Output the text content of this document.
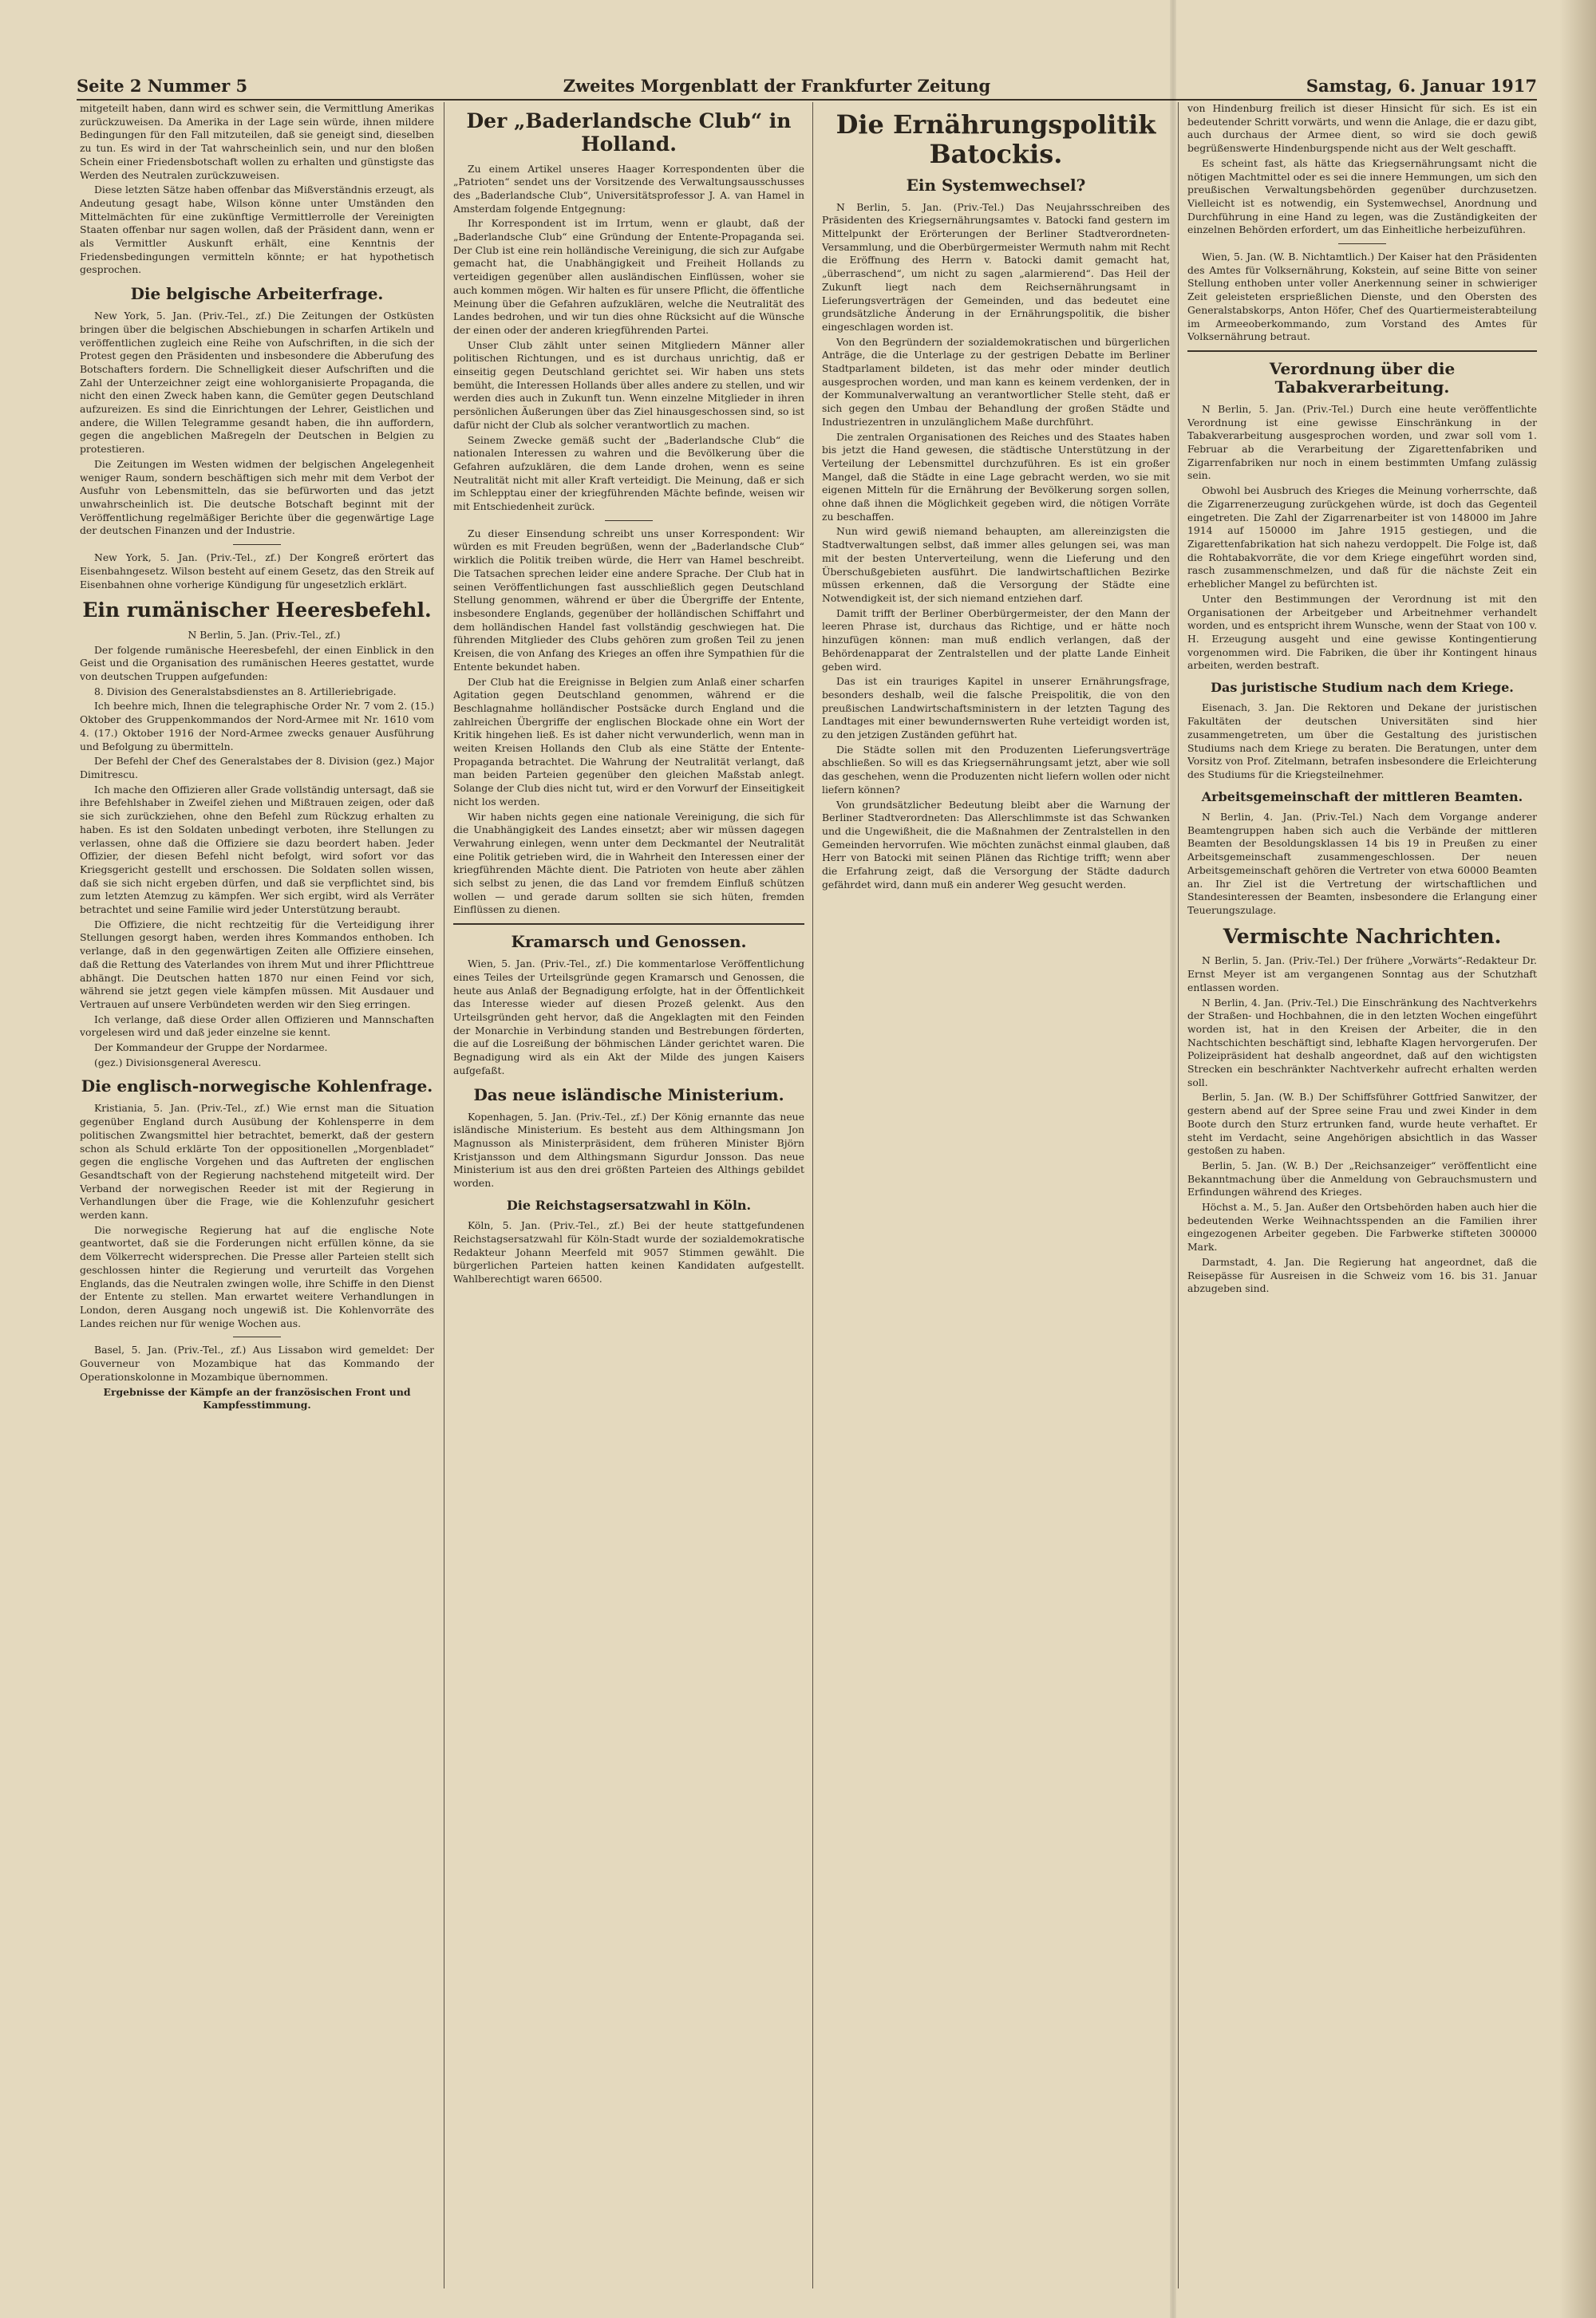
Seite 2 Nummer 5	Zweites Morgenblatt der Frankfurter Zeitung	Samstag, 6. Januar 1917

mitgeteilt haben, dann wird es schwer sein, die Vermittlung Amerikas zurückzuweisen. Da Amerika in der Lage sein würde, ihnen mildere Bedingungen für den Fall mitzuteilen, daß sie geneigt sind, dieselben zu tun. Es wird in der Tat wahrscheinlich sein, und nur den bloßen Schein einer Friedensbotschaft wollen zu erhalten und günstigste das Werden des Neutralen zurückzuweisen.

Diese letzten Sätze haben offenbar das Mißverständnis erzeugt, als Andeutung gesagt habe, Wilson könne unter Umständen den Mittelmächten für eine zukünftige Vermittlerrolle der Vereinigten Staaten offenbar nur sagen wollen, daß der Präsident dann, wenn er als Vermittler Auskunft erhält, eine Kenntnis der Friedensbedingungen vermitteln könnte; er hat hypothetisch gesprochen.

Die belgische Arbeiterfrage.

New York, 5. Jan. (Priv.-Tel., zf.) Die Zeitungen der Ostküsten bringen über die belgischen Abschiebungen in scharfen Artikeln und veröffentlichen zugleich eine Reihe von Aufschriften, in die sich der Protest gegen den Präsidenten und insbesondere die Abberufung des Botschafters fordern. Die Schnelligkeit dieser Aufschriften und die Zahl der Unterzeichner zeigt eine wohlorganisierte Propaganda, die nicht den einen Zweck haben kann, die Gemüter gegen Deutschland aufzureizen. Es sind die Einrichtungen der Lehrer, Geistlichen und andere, die Willen Telegramme gesandt haben, die ihn auffordern, gegen die angeblichen Maßregeln der Deutschen in Belgien zu protestieren.

Die Zeitungen im Westen widmen der belgischen Angelegenheit weniger Raum, sondern beschäftigen sich mehr mit dem Verbot der Ausfuhr von Lebensmitteln, das sie befürworten und das jetzt unwahrscheinlich ist. Die deutsche Botschaft beginnt mit der Veröffentlichung regelmäßiger Berichte über die gegenwärtige Lage der deutschen Finanzen und der Industrie.

New York, 5. Jan. (Priv.-Tel., zf.) Der Kongreß erörtert das Eisenbahngesetz. Wilson besteht auf einem Gesetz, das den Streik auf Eisenbahnen ohne vorherige Kündigung für ungesetzlich erklärt.

Ein rumänischer Heeresbefehl.

N Berlin, 5. Jan. (Priv.-Tel., zf.)

Der folgende rumänische Heeresbefehl, der einen Einblick in den Geist und die Organisation des rumänischen Heeres gestattet, wurde von deutschen Truppen aufgefunden:

8. Division des Generalstabsdienstes an 8. Artilleriebrigade.

Ich beehre mich, Ihnen die telegraphische Order Nr. 7 vom 2. (15.) Oktober des Gruppenkommandos der Nord-Armee mit Nr. 1610 vom 4. (17.) Oktober 1916 der Nord-Armee zwecks genauer Ausführung und Befolgung zu übermitteln.

Der Befehl der Chef des Generalstabes der 8. Division (gez.) Major Dimitrescu.

Ich mache den Offizieren aller Grade vollständig untersagt, daß sie ihre Befehlshaber in Zweifel ziehen und Mißtrauen zeigen, oder daß sie sich zurückziehen, ohne den Befehl zum Rückzug erhalten zu haben. Es ist den Soldaten unbedingt verboten, ihre Stellungen zu verlassen, ohne daß die Offiziere sie dazu beordert haben. Jeder Offizier, der diesen Befehl nicht befolgt, wird sofort vor das Kriegsgericht gestellt und erschossen. Die Soldaten sollen wissen, daß sie sich nicht ergeben dürfen, und daß sie verpflichtet sind, bis zum letzten Atemzug zu kämpfen. Wer sich ergibt, wird als Verräter betrachtet und seine Familie wird jeder Unterstützung beraubt.

Die Offiziere, die nicht rechtzeitig für die Verteidigung ihrer Stellungen gesorgt haben, werden ihres Kommandos enthoben. Ich verlange, daß in den gegenwärtigen Zeiten alle Offiziere einsehen, daß die Rettung des Vaterlandes von ihrem Mut und ihrer Pflichttreue abhängt. Die Deutschen hatten 1870 nur einen Feind vor sich, während sie jetzt gegen viele kämpfen müssen. Mit Ausdauer und Vertrauen auf unsere Verbündeten werden wir den Sieg erringen.

Ich verlange, daß diese Order allen Offizieren und Mannschaften vorgelesen wird und daß jeder einzelne sie kennt.

Der Kommandeur der Gruppe der Nordarmee.

(gez.) Divisionsgeneral Averescu.

Die englisch-norwegische Kohlenfrage.

Kristiania, 5. Jan. (Priv.-Tel., zf.) Wie ernst man die Situation gegenüber England durch Ausübung der Kohlensperre in dem politischen Zwangsmittel hier betrachtet, bemerkt, daß der gestern schon als Schuld erklärte Ton der oppositionellen „Morgenbladet“ gegen die englische Vorgehen und das Auftreten der englischen Gesandtschaft von der Regierung nachstehend mitgeteilt wird. Der Verband der norwegischen Reeder ist mit der Regierung in Verhandlungen über die Frage, wie die Kohlenzufuhr gesichert werden kann.

Die norwegische Regierung hat auf die englische Note geantwortet, daß sie die Forderungen nicht erfüllen könne, da sie dem Völkerrecht widersprechen. Die Presse aller Parteien stellt sich geschlossen hinter die Regierung und verurteilt das Vorgehen Englands, das die Neutralen zwingen wolle, ihre Schiffe in den Dienst der Entente zu stellen. Man erwartet weitere Verhandlungen in London, deren Ausgang noch ungewiß ist. Die Kohlenvorräte des Landes reichen nur für wenige Wochen aus.

Basel, 5. Jan. (Priv.-Tel., zf.) Aus Lissabon wird gemeldet: Der Gouverneur von Mozambique hat das Kommando der Operationskolonne in Mozambique übernommen.

Ergebnisse der Kämpfe an der französischen Front und Kampfesstimmung.

Der „Baderlandsche Club“ in Holland.

Zu einem Artikel unseres Haager Korrespondenten über die „Patrioten“ sendet uns der Vorsitzende des Verwaltungsausschusses des „Baderlandsche Club“, Universitätsprofessor J. A. van Hamel in Amsterdam folgende Entgegnung:

Ihr Korrespondent ist im Irrtum, wenn er glaubt, daß der „Baderlandsche Club“ eine Gründung der Entente-Propaganda sei. Der Club ist eine rein holländische Vereinigung, die sich zur Aufgabe gemacht hat, die Unabhängigkeit und Freiheit Hollands zu verteidigen gegenüber allen ausländischen Einflüssen, woher sie auch kommen mögen. Wir halten es für unsere Pflicht, die öffentliche Meinung über die Gefahren aufzuklären, welche die Neutralität des Landes bedrohen, und wir tun dies ohne Rücksicht auf die Wünsche der einen oder der anderen kriegführenden Partei.

Unser Club zählt unter seinen Mitgliedern Männer aller politischen Richtungen, und es ist durchaus unrichtig, daß er einseitig gegen Deutschland gerichtet sei. Wir haben uns stets bemüht, die Interessen Hollands über alles andere zu stellen, und wir werden dies auch in Zukunft tun. Wenn einzelne Mitglieder in ihren persönlichen Äußerungen über das Ziel hinausgeschossen sind, so ist dafür nicht der Club als solcher verantwortlich zu machen.

Seinem Zwecke gemäß sucht der „Baderlandsche Club“ die nationalen Interessen zu wahren und die Bevölkerung über die Gefahren aufzuklären, die dem Lande drohen, wenn es seine Neutralität nicht mit aller Kraft verteidigt. Die Meinung, daß er sich im Schlepptau einer der kriegführenden Mächte befinde, weisen wir mit Entschiedenheit zurück.

Zu dieser Einsendung schreibt uns unser Korrespondent: Wir würden es mit Freuden begrüßen, wenn der „Baderlandsche Club“ wirklich die Politik treiben würde, die Herr van Hamel beschreibt. Die Tatsachen sprechen leider eine andere Sprache. Der Club hat in seinen Veröffentlichungen fast ausschließlich gegen Deutschland Stellung genommen, während er über die Übergriffe der Entente, insbesondere Englands, gegenüber der holländischen Schiffahrt und dem holländischen Handel fast vollständig geschwiegen hat. Die führenden Mitglieder des Clubs gehören zum großen Teil zu jenen Kreisen, die von Anfang des Krieges an offen ihre Sympathien für die Entente bekundet haben.

Der Club hat die Ereignisse in Belgien zum Anlaß einer scharfen Agitation gegen Deutschland genommen, während er die Beschlagnahme holländischer Postsäcke durch England und die zahlreichen Übergriffe der englischen Blockade ohne ein Wort der Kritik hingehen ließ. Es ist daher nicht verwunderlich, wenn man in weiten Kreisen Hollands den Club als eine Stätte der Entente-Propaganda betrachtet. Die Wahrung der Neutralität verlangt, daß man beiden Parteien gegenüber den gleichen Maßstab anlegt. Solange der Club dies nicht tut, wird er den Vorwurf der Einseitigkeit nicht los werden.

Wir haben nichts gegen eine nationale Vereinigung, die sich für die Unabhängigkeit des Landes einsetzt; aber wir müssen dagegen Verwahrung einlegen, wenn unter dem Deckmantel der Neutralität eine Politik getrieben wird, die in Wahrheit den Interessen einer der kriegführenden Mächte dient. Die Patrioten von heute aber zählen sich selbst zu jenen, die das Land vor fremdem Einfluß schützen wollen — und gerade darum sollten sie sich hüten, fremden Einflüssen zu dienen.

Kramarsch und Genossen.

Wien, 5. Jan. (Priv.-Tel., zf.) Die kommentarlose Veröffentlichung eines Teiles der Urteilsgründe gegen Kramarsch und Genossen, die heute aus Anlaß der Begnadigung erfolgte, hat in der Öffentlichkeit das Interesse wieder auf diesen Prozeß gelenkt. Aus den Urteilsgründen geht hervor, daß die Angeklagten mit den Feinden der Monarchie in Verbindung standen und Bestrebungen förderten, die auf die Losreißung der böhmischen Länder gerichtet waren. Die Begnadigung wird als ein Akt der Milde des jungen Kaisers aufgefaßt.

Das neue isländische Ministerium.

Kopenhagen, 5. Jan. (Priv.-Tel., zf.) Der König ernannte das neue isländische Ministerium. Es besteht aus dem Althingsmann Jon Magnusson als Ministerpräsident, dem früheren Minister Björn Kristjansson und dem Althingsmann Sigurdur Jonsson. Das neue Ministerium ist aus den drei größten Parteien des Althings gebildet worden.

Die Reichstagsersatzwahl in Köln.

Köln, 5. Jan. (Priv.-Tel., zf.) Bei der heute stattgefundenen Reichstagsersatzwahl für Köln-Stadt wurde der sozialdemokratische Redakteur Johann Meerfeld mit 9057 Stimmen gewählt. Die bürgerlichen Parteien hatten keinen Kandidaten aufgestellt. Wahlberechtigt waren 66500.

Die Ernährungspolitik Batockis.
Ein Systemwechsel?

N Berlin, 5. Jan. (Priv.-Tel.) Das Neujahrsschreiben des Präsidenten des Kriegsernährungsamtes v. Batocki fand gestern im Mittelpunkt der Erörterungen der Berliner Stadtverordneten-Versammlung, und die Oberbürgermeister Wermuth nahm mit Recht die Eröffnung des Herrn v. Batocki damit gemacht hat, „überraschend“, um nicht zu sagen „alarmierend“. Das Heil der Zukunft liegt nach dem Reichsernährungsamt in Lieferungsverträgen der Gemeinden, und das bedeutet eine grundsätzliche Änderung in der Ernährungspolitik, die bisher eingeschlagen worden ist.

Von den Begründern der sozialdemokratischen und bürgerlichen Anträge, die die Unterlage zu der gestrigen Debatte im Berliner Stadtparlament bildeten, ist das mehr oder minder deutlich ausgesprochen worden, und man kann es keinem verdenken, der in der Kommunalverwaltung an verantwortlicher Stelle steht, daß er sich gegen den Umbau der Behandlung der großen Städte und Industriezentren in unzulänglichem Maße durchführt.

Die zentralen Organisationen des Reiches und des Staates haben bis jetzt die Hand gewesen, die städtische Unterstützung in der Verteilung der Lebensmittel durchzuführen. Es ist ein großer Mangel, daß die Städte in eine Lage gebracht werden, wo sie mit eigenen Mitteln für die Ernährung der Bevölkerung sorgen sollen, ohne daß ihnen die Möglichkeit gegeben wird, die nötigen Vorräte zu beschaffen.

Nun wird gewiß niemand behaupten, am allereinzigsten die Stadtverwaltungen selbst, daß immer alles gelungen sei, was man mit der besten Unterverteilung, wenn die Lieferung und den Überschußgebieten ausführt. Die landwirtschaftlichen Bezirke müssen erkennen, daß die Versorgung der Städte eine Notwendigkeit ist, der sich niemand entziehen darf.

Damit trifft der Berliner Oberbürgermeister, der den Mann der leeren Phrase ist, durchaus das Richtige, und er hätte noch hinzufügen können: man muß endlich verlangen, daß der Behördenapparat der Zentralstellen und der platte Lande Einheit geben wird.

Das ist ein trauriges Kapitel in unserer Ernährungsfrage, besonders deshalb, weil die falsche Preispolitik, die von den preußischen Landwirtschaftsministern in der letzten Tagung des Landtages mit einer bewundernswerten Ruhe verteidigt worden ist, zu den jetzigen Zuständen geführt hat.

Die Städte sollen mit den Produzenten Lieferungsverträge abschließen. So will es das Kriegsernährungsamt jetzt, aber wie soll das geschehen, wenn die Produzenten nicht liefern wollen oder nicht liefern können?

Von grundsätzlicher Bedeutung bleibt aber die Warnung der Berliner Stadtverordneten: Das Allerschlimmste ist das Schwanken und die Ungewißheit, die die Maßnahmen der Zentralstellen in den Gemeinden hervorrufen. Wie möchten zunächst einmal glauben, daß Herr von Batocki mit seinen Plänen das Richtige trifft; wenn aber die Erfahrung zeigt, daß die Versorgung der Städte dadurch gefährdet wird, dann muß ein anderer Weg gesucht werden.

von Hindenburg freilich ist dieser Hinsicht für sich. Es ist ein bedeutender Schritt vorwärts, und wenn die Anlage, die er dazu gibt, auch durchaus der Armee dient, so wird sie doch gewiß begrüßenswerte Hindenburgspende nicht aus der Welt geschafft.

Es scheint fast, als hätte das Kriegsernährungsamt nicht die nötigen Machtmittel oder es sei die innere Hemmungen, um sich den preußischen Verwaltungsbehörden gegenüber durchzusetzen. Vielleicht ist es notwendig, ein Systemwechsel, Anordnung und Durchführung in eine Hand zu legen, was die Zuständigkeiten der einzelnen Behörden erfordert, um das Einheitliche herbeizuführen.

Wien, 5. Jan. (W. B. Nichtamtlich.) Der Kaiser hat den Präsidenten des Amtes für Volksernährung, Kokstein, auf seine Bitte von seiner Stellung enthoben unter voller Anerkennung seiner in schwieriger Zeit geleisteten ersprießlichen Dienste, und den Obersten des Generalstabskorps, Anton Höfer, Chef des Quartiermeisterabteilung im Armeeoberkommando, zum Vorstand des Amtes für Volksernährung betraut.

Verordnung über die Tabakverarbeitung.

N Berlin, 5. Jan. (Priv.-Tel.) Durch eine heute veröffentlichte Verordnung ist eine gewisse Einschränkung in der Tabakverarbeitung ausgesprochen worden, und zwar soll vom 1. Februar ab die Verarbeitung der Zigarettenfabriken und Zigarrenfabriken nur noch in einem bestimmten Umfang zulässig sein.

Obwohl bei Ausbruch des Krieges die Meinung vorherrschte, daß die Zigarrenerzeugung zurückgehen würde, ist doch das Gegenteil eingetreten. Die Zahl der Zigarrenarbeiter ist von 148000 im Jahre 1914 auf 150000 im Jahre 1915 gestiegen, und die Zigarettenfabrikation hat sich nahezu verdoppelt. Die Folge ist, daß die Rohtabakvorräte, die vor dem Kriege eingeführt worden sind, rasch zusammenschmelzen, und daß für die nächste Zeit ein erheblicher Mangel zu befürchten ist.

Unter den Bestimmungen der Verordnung ist mit den Organisationen der Arbeitgeber und Arbeitnehmer verhandelt worden, und es entspricht ihrem Wunsche, wenn der Staat von 100 v. H. Erzeugung ausgeht und eine gewisse Kontingentierung vorgenommen wird. Die Fabriken, die über ihr Kontingent hinaus arbeiten, werden bestraft.

Das juristische Studium nach dem Kriege.

Eisenach, 3. Jan. Die Rektoren und Dekane der juristischen Fakultäten der deutschen Universitäten sind hier zusammengetreten, um über die Gestaltung des juristischen Studiums nach dem Kriege zu beraten. Die Beratungen, unter dem Vorsitz von Prof. Zitelmann, betrafen insbesondere die Erleichterung des Studiums für die Kriegsteilnehmer.

Arbeitsgemeinschaft der mittleren Beamten.

N Berlin, 4. Jan. (Priv.-Tel.) Nach dem Vorgange anderer Beamtengruppen haben sich auch die Verbände der mittleren Beamten der Besoldungsklassen 14 bis 19 in Preußen zu einer Arbeitsgemeinschaft zusammengeschlossen. Der neuen Arbeitsgemeinschaft gehören die Vertreter von etwa 60000 Beamten an. Ihr Ziel ist die Vertretung der wirtschaftlichen und Standesinteressen der Beamten, insbesondere die Erlangung einer Teuerungszulage.

Vermischte Nachrichten.

N Berlin, 5. Jan. (Priv.-Tel.) Der frühere „Vorwärts“-Redakteur Dr. Ernst Meyer ist am vergangenen Sonntag aus der Schutzhaft entlassen worden.

N Berlin, 4. Jan. (Priv.-Tel.) Die Einschränkung des Nachtverkehrs der Straßen- und Hochbahnen, die in den letzten Wochen eingeführt worden ist, hat in den Kreisen der Arbeiter, die in den Nachtschichten beschäftigt sind, lebhafte Klagen hervorgerufen. Der Polizeipräsident hat deshalb angeordnet, daß auf den wichtigsten Strecken ein beschränkter Nachtverkehr aufrecht erhalten werden soll.

Berlin, 5. Jan. (W. B.) Der Schiffsführer Gottfried Sanwitzer, der gestern abend auf der Spree seine Frau und zwei Kinder in dem Boote durch den Sturz ertrunken fand, wurde heute verhaftet. Er steht im Verdacht, seine Angehörigen absichtlich in das Wasser gestoßen zu haben.

Berlin, 5. Jan. (W. B.) Der „Reichsanzeiger“ veröffentlicht eine Bekanntmachung über die Anmeldung von Gebrauchsmustern und Erfindungen während des Krieges.

Höchst a. M., 5. Jan. Außer den Ortsbehörden haben auch hier die bedeutenden Werke Weihnachtsspenden an die Familien ihrer eingezogenen Arbeiter gegeben. Die Farbwerke stifteten 300000 Mark.

Darmstadt, 4. Jan. Die Regierung hat angeordnet, daß die Reisepässe für Ausreisen in die Schweiz vom 16. bis 31. Januar abzugeben sind.
